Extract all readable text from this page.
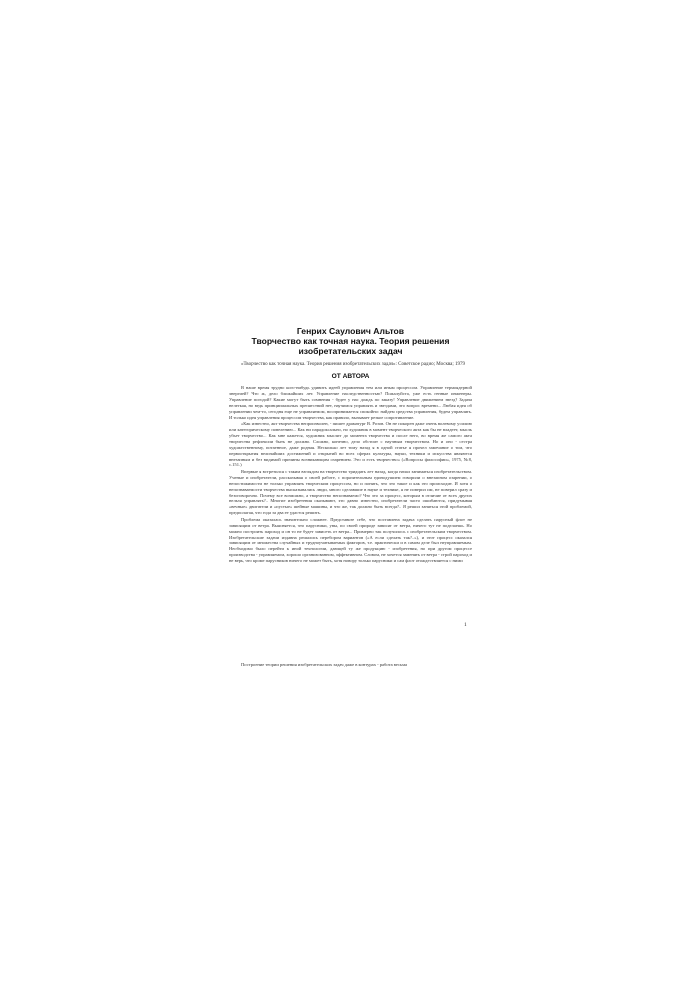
Генрих Саулович Альтов
Творчество как точная наука. Теория решения
изобретательских задач

«Творчество как точная наука. Теория решения изобретательских задач»: Советское радио; Москва; 1979

ОТ АВТОРА

В наше время трудно кого-нибудь удивить идеей управления тем или иным процессом. Управление термоядерной энергией? Что ж, дело ближайших лет. Управление наследственностью? Пожалуйста, уже есть генные инженеры. Управление погодой? Какие могут быть сомнения - будет у нас дождь по заказу! Управление движением звезд? Задача нелегкая, но ведь принципиальных препятствий нет, научимся управлять и звездами, это вопрос времени... Любая идея об управлении чем-то, сегодня еще не управляемом, воспринимается спокойно: найдем средства управления, будем управлять. И только идея управления процессом творчества, как правило, вызывает резкое сопротивление.

«Как известно, акт творчества непроизволен, - пишет драматург В. Розов. Он не покорен даже очень волевому усилию или категорическому повелению... Как ни парадоксально, но художник в момент творческого акта как бы не владеет, мысль убьет творчество... Как мне кажется, художник мыслит до момента творчества и после него, во время же самого акта творчества рефлексии быть не должно. Сложно, конечно, дело обстоит с научным творчеством. Но и оно - сестра художественному, потаенное, даже родная. Несколько лет тому назад я в одной статье я прочел замечание о том, что первооткрытия величайших достижений и открытий во всех сферах культуры, науки, техники и искусства являются внезапным и без видимой причины возникающим озарением. Это и есть творчество» («Вопросы философии», 1975, №8, с.151.)

Впервые я встретился с таким взглядом на творчество тридцать лет назад, когда начал заниматься изобретательством. Ученые и изобретатели, рассказывая о своей работе, с поразительным единодушием говорили о внезапном озарении, о непостижимости не только управлять творческим процессом, но и понять, что это такое и как это происходит. И хотя о непознаваемости творчества высказывались люди, много сделавшие в науке и технике, я не поверил им, не поверил сразу и безоговорочно. Почему все возможно, а творчество непознаваемо? Что это за процесс, которым в отличие от всех других нельзя управлять?.. Многие изобретения оказывают, это давно известно, изобретатели часто ошибаются, придумывая «вечные» двигатели и «пустые» шейные машины, и что же, так должно быть всегда?.. Я решил заняться этой проблемой, предполагая, что года за два ее удастся решить.

Проблема оказалась значительно сложнее. Представьте себе, что поставлена задача сделать парусный флот не зависящим от ветра. Выясняется, что парусники, увы, по своей природе зависят от ветра, ничего тут не поделаешь. Но можно построить пароход и он то не будет зависеть от ветра... Примерно так получилось с изобретательским творчеством. Изобретательские задачи издавна решались перебором вариантов («А если сделать так?..»), и этот процесс оказался зависящим от множества случайных и трудноучитываемых факторов, т.е. практически и в самом деле был неуправляемым. Необходимо было перейти к иной технологии, дающей ту же продукцию - изобретения, но при другом процессе производства - управляемом, хорошо организованном, эффективном. Словом, не хочется заменять от ветра - строй пароход и не верь, что кроме парусников ничего не может быть, хотя новору только парусники и сам флот отождествляется с ними

1

Построение теории решения изобретательских задач даже в контурах - работа весьма
